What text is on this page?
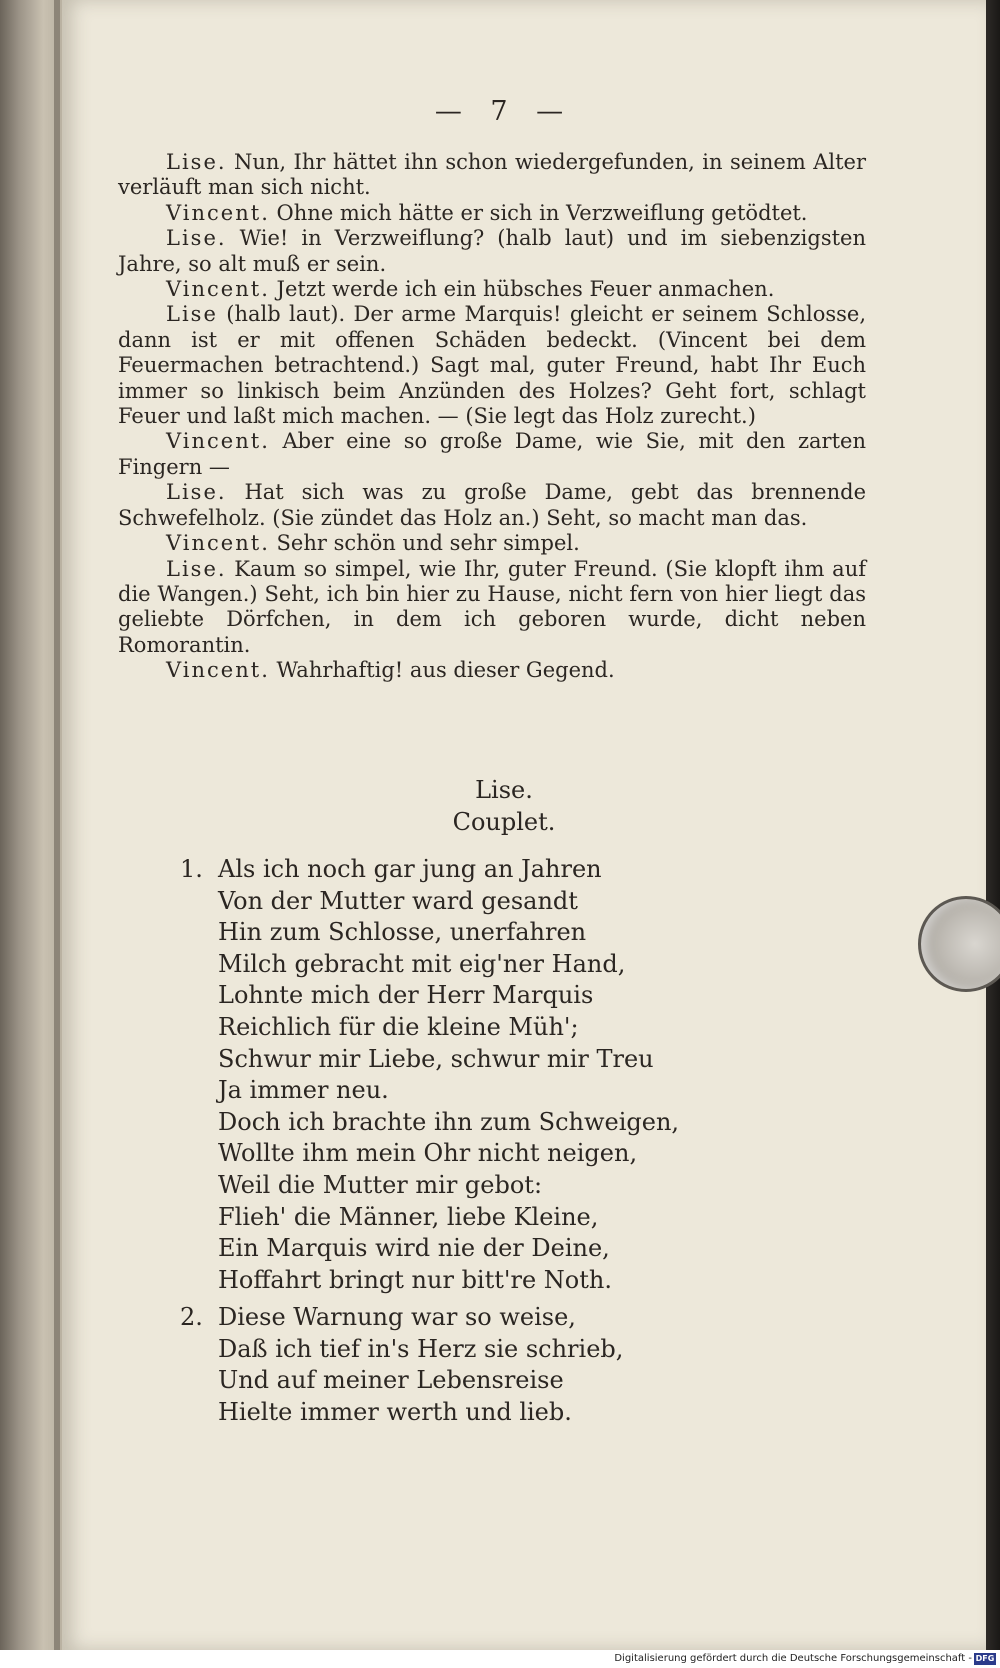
— 7 —

Lise. Nun, Ihr hättet ihn schon wiedergefunden, in seinem Alter verläuft man sich nicht.

Vincent. Ohne mich hätte er sich in Verzweiflung getödtet.

Lise. Wie! in Verzweiflung? (halb laut) und im siebenzigsten Jahre, so alt muß er sein.

Vincent. Jetzt werde ich ein hübsches Feuer anmachen.

Lise (halb laut). Der arme Marquis! gleicht er seinem Schlosse, dann ist er mit offenen Schäden bedeckt. (Vincent bei dem Feuermachen betrachtend.) Sagt mal, guter Freund, habt Ihr Euch immer so linkisch beim Anzünden des Holzes? Geht fort, schlagt Feuer und laßt mich machen. — (Sie legt das Holz zurecht.)

Vincent. Aber eine so große Dame, wie Sie, mit den zarten Fingern —

Lise. Hat sich was zu große Dame, gebt das brennende Schwefelholz. (Sie zündet das Holz an.) Seht, so macht man das.

Vincent. Sehr schön und sehr simpel.

Lise. Kaum so simpel, wie Ihr, guter Freund. (Sie klopft ihm auf die Wangen.) Seht, ich bin hier zu Hause, nicht fern von hier liegt das geliebte Dörfchen, in dem ich geboren wurde, dicht neben Romorantin.

Vincent. Wahrhaftig! aus dieser Gegend.

Lise.
Couplet.
1. Als ich noch gar jung an Jahren
Von der Mutter ward gesandt
Hin zum Schlosse, unerfahren
Milch gebracht mit eig'ner Hand,
Lohnte mich der Herr Marquis
Reichlich für die kleine Müh';
Schwur mir Liebe, schwur mir Treu
Ja immer neu.
Doch ich brachte ihn zum Schweigen,
Wollte ihm mein Ohr nicht neigen,
Weil die Mutter mir gebot:
Flieh' die Männer, liebe Kleine,
Ein Marquis wird nie der Deine,
Hoffahrt bringt nur bitt're Noth.
2. Diese Warnung war so weise,
Daß ich tief in's Herz sie schrieb,
Und auf meiner Lebensreise
Hielte immer werth und lieb.
Digitalisierung gefördert durch die Deutsche Forschungsgemeinschaft - DFG
